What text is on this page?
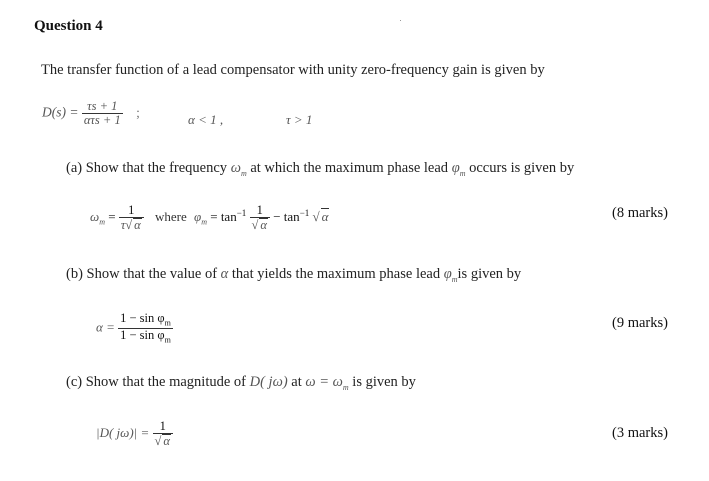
Question 4
The transfer function of a lead compensator with unity zero-frequency gain is given by
$D(s) = \frac{\tau s + 1}{\text{ατs + 1}}$ ;	α < 1 ,	τ > 1
(a) Show that the frequency $\omega_m$ at which the maximum phase lead $\varphi_m$ occurs is given by
$\omega_m = \frac{1}{\tau√ \alpha}$ where $\varphi_m = \tan^{-1} \frac{1}{√ \alpha} - \tan^{-1}$ √ α	(8 marks)
(b) Show that the value of α that yields the maximum phase lead $\varphi_mis$ given by
$\alpha = \frac{1 - \sin \varphi_m}{1 - \sin \varphi_m}$	(9 marks)
(c) Show that the magnitude of D( jω) at $\omega = \omega_m$ is given by
|D( $j\omega)| = \frac{1}{√ \alpha}$	(3 marks)
